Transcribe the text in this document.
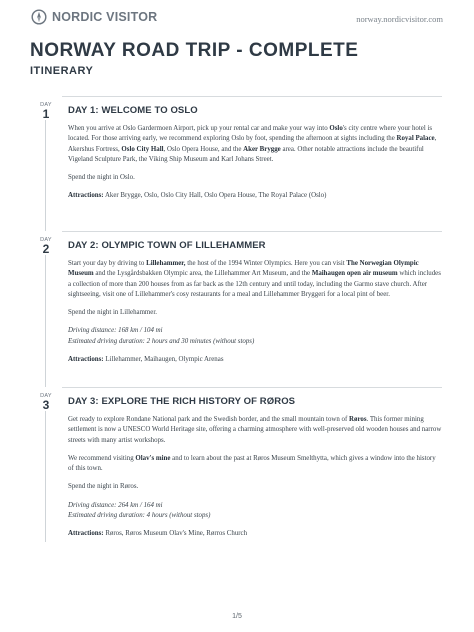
NORDIC VISITOR	norway.nordicvisitor.com
NORWAY ROAD TRIP - COMPLETE
ITINERARY
DAY
1	DAY 1: WELCOME TO OSLO

When you arrive at Oslo Gardermoen Airport, pick up your rental car and make your way into Oslo's city centre where your hotel is located. For those arriving early, we recommend exploring Oslo by foot, spending the afternoon at sights including the Royal Palace, Akershus Fortress, Oslo City Hall, Oslo Opera House, and the Aker Brygge area. Other notable attractions include the beautiful Vigeland Sculpture Park, the Viking Ship Museum and Karl Johans Street.

Spend the night in Oslo.

Attractions: Aker Brygge, Oslo, Oslo City Hall, Oslo Opera House, The Royal Palace (Oslo)

DAY
2	DAY 2: OLYMPIC TOWN OF LILLEHAMMER

Start your day by driving to Lillehammer, the host of the 1994 Winter Olympics. Here you can visit The Norwegian Olympic Museum and the Lysgårdsbakken Olympic area, the Lillehammer Art Museum, and the Maihaugen open air museum which includes a collection of more than 200 houses from as far back as the 12th century and until today, including the Garmo stave church. After sightseeing, visit one of Lillehammer's cosy restaurants for a meal and Lillehammer Bryggeri for a local pint of beer.

Spend the night in Lillehammer.

Driving distance: 168 km / 104 mi

Estimated driving duration: 2 hours and 30 minutes (without stops)

Attractions: Lillehammer, Maihaugen, Olympic Arenas

DAY
3	DAY 3: EXPLORE THE RICH HISTORY OF RØROS

Get ready to explore Rondane National park and the Swedish border, and the small mountain town of Røros. This former mining settlement is now a UNESCO World Heritage site, offering a charming atmosphere with well-preserved old wooden houses and narrow streets with many artist workshops.

We recommend visiting Olav's mine and to learn about the past at Røros Museum Smelthytta, which gives a window into the history of this town.

Spend the night in Røros.

Driving distance: 264 km / 164 mi

Estimated driving duration: 4 hours (without stops)

Attractions: Røros, Røros Museum Olav's Mine, Rørros Church

1/5
